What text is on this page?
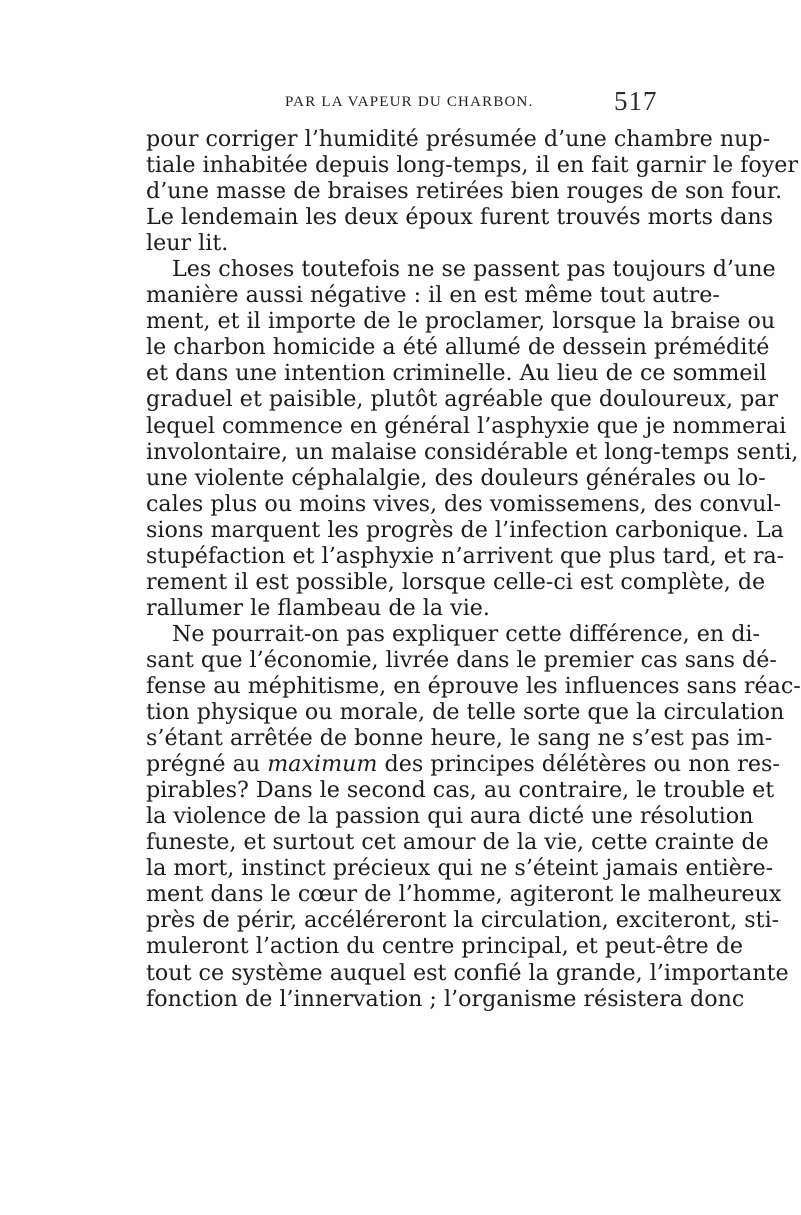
PAR LA VAPEUR DU CHARBON.	517
pour corriger l’humidité présumée d’une chambre nup-
tiale inhabitée depuis long-temps, il en fait garnir le foyer
d’une masse de braises retirées bien rouges de son four.
Le lendemain les deux époux furent trouvés morts dans
leur lit.
Les choses toutefois ne se passent pas toujours d’une
manière aussi négative : il en est même tout autre-
ment, et il importe de le proclamer, lorsque la braise ou
le charbon homicide a été allumé de dessein prémédité
et dans une intention criminelle. Au lieu de ce sommeil
graduel et paisible, plutôt agréable que douloureux, par
lequel commence en général l’asphyxie que je nommerai
involontaire, un malaise considérable et long-temps senti,
une violente céphalalgie, des douleurs générales ou lo-
cales plus ou moins vives, des vomissemens, des convul-
sions marquent les progrès de l’infection carbonique. La
stupéfaction et l’asphyxie n’arrivent que plus tard, et ra-
rement il est possible, lorsque celle-ci est complète, de
rallumer le flambeau de la vie.
Ne pourrait-on pas expliquer cette différence, en di-
sant que l’économie, livrée dans le premier cas sans dé-
fense au méphitisme, en éprouve les influences sans réac-
tion physique ou morale, de telle sorte que la circulation
s’étant arrêtée de bonne heure, le sang ne s’est pas im-
prégné au maximum des principes délétères ou non res-
pirables? Dans le second cas, au contraire, le trouble et
la violence de la passion qui aura dicté une résolution
funeste, et surtout cet amour de la vie, cette crainte de
la mort, instinct précieux qui ne s’éteint jamais entière-
ment dans le cœur de l’homme, agiteront le malheureux
près de périr, accéléreront la circulation, exciteront, sti-
muleront l’action du centre principal, et peut-être de
tout ce système auquel est confié la grande, l’importante
fonction de l’innervation ; l’organisme résistera donc
